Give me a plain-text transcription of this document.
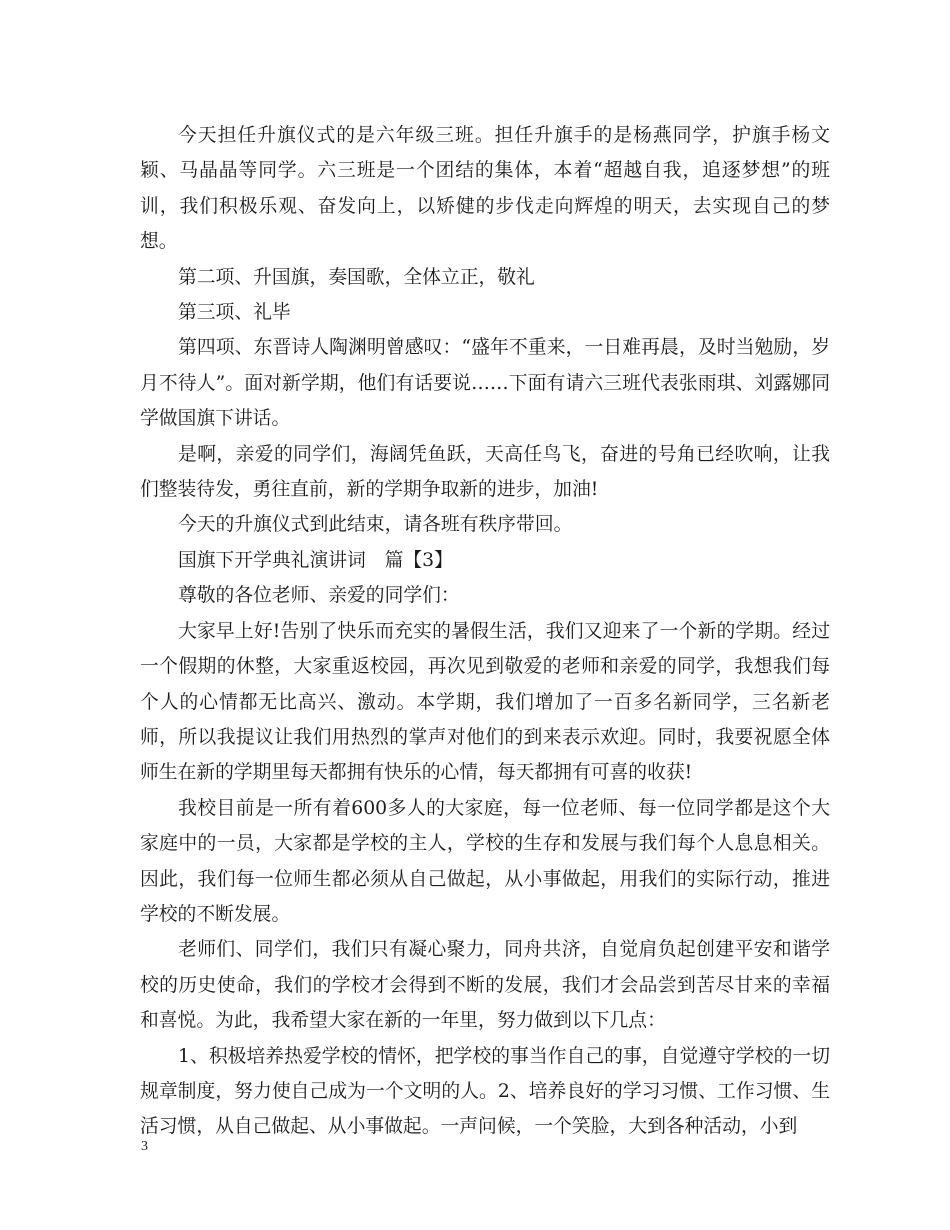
今天担任升旗仪式的是六年级三班。担任升旗手的是杨燕同学，护旗手杨文颖、马晶晶等同学。六三班是一个团结的集体，本着“超越自我，追逐梦想”的班训，我们积极乐观、奋发向上，以矫健的步伐走向辉煌的明天，去实现自己的梦想。

第二项、升国旗，奏国歌，全体立正，敬礼

第三项、礼毕

第四项、东晋诗人陶渊明曾感叹：“盛年不重来，一日难再晨，及时当勉励，岁月不待人”。面对新学期，他们有话要说……下面有请六三班代表张雨琪、刘露娜同学做国旗下讲话。

是啊，亲爱的同学们，海阔凭鱼跃，天高任鸟飞，奋进的号角已经吹响，让我们整装待发，勇往直前，新的学期争取新的进步，加油!

今天的升旗仪式到此结束，请各班有秩序带回。

国旗下开学典礼演讲词　篇【3】

尊敬的各位老师、亲爱的同学们：

大家早上好!告别了快乐而充实的暑假生活，我们又迎来了一个新的学期。经过一个假期的休整，大家重返校园，再次见到敬爱的老师和亲爱的同学，我想我们每个人的心情都无比高兴、激动。本学期，我们增加了一百多名新同学，三名新老师，所以我提议让我们用热烈的掌声对他们的到来表示欢迎。同时，我要祝愿全体师生在新的学期里每天都拥有快乐的心情，每天都拥有可喜的收获!

我校目前是一所有着600多人的大家庭，每一位老师、每一位同学都是这个大家庭中的一员，大家都是学校的主人，学校的生存和发展与我们每个人息息相关。因此，我们每一位师生都必须从自己做起，从小事做起，用我们的实际行动，推进学校的不断发展。

老师们、同学们，我们只有凝心聚力，同舟共济，自觉肩负起创建平安和谐学校的历史使命，我们的学校才会得到不断的发展，我们才会品尝到苦尽甘来的幸福和喜悦。为此，我希望大家在新的一年里，努力做到以下几点：

1、积极培养热爱学校的情怀，把学校的事当作自己的事，自觉遵守学校的一切规章制度，努力使自己成为一个文明的人。2、培养良好的学习习惯、工作习惯、生活习惯，从自己做起、从小事做起。一声问候，一个笑脸，大到各种活动，小到

3
